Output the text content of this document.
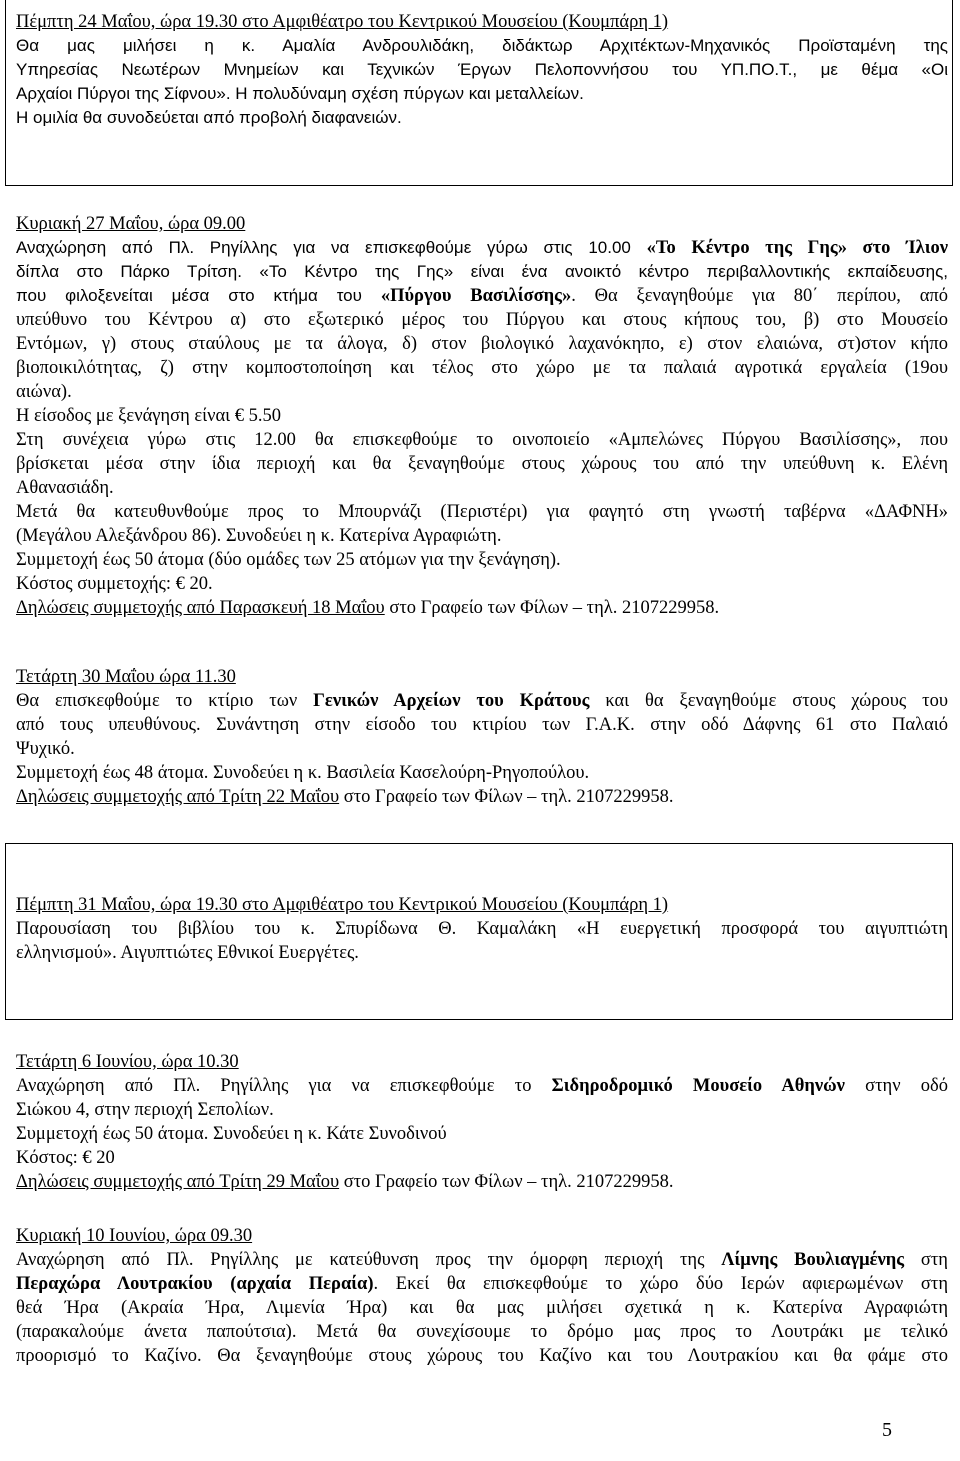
Πέμπτη 24 Μαΐου, ώρα 19.30 στο Αμφιθέατρο του Κεντρικού Μουσείου (Κουμπάρη 1)

Θα μας μιλήσει η κ. Αμαλία Ανδρουλιδάκη, διδάκτωρ Αρχιτέκτων-Μηχανικός Προϊσταμένη της

Υπηρεσίας Νεωτέρων Μνημείων και Τεχνικών Έργων Πελοποννήσου του ΥΠ.ΠΟ.Τ., με θέμα «Οι

Αρχαίοι Πύργοι της Σίφνου». Η πολυδύναμη σχέση πύργων και μεταλλείων.

Η ομιλία θα συνοδεύεται από προβολή διαφανειών.

Κυριακή 27 Μαΐου, ώρα 09.00

Αναχώρηση από Πλ. Ρηγίλλης για να επισκεφθούμε γύρω στις 10.00 «Το Κέντρο της Γης» στο Ίλιον

δίπλα στο Πάρκο Τρίτση. «Το Κέντρο της Γης» είναι ένα ανοικτό κέντρο περιβαλλοντικής εκπαίδευσης,

που φιλοξενείται μέσα στο κτήμα του «Πύργου Βασιλίσσης». Θα ξεναγηθούμε για 80΄ περίπου, από

υπεύθυνο του Κέντρου α) στο εξωτερικό μέρος του Πύργου και στους κήπους του, β) στο Μουσείο

Εντόμων, γ) στους σταύλους με τα άλογα, δ) στον βιολογικό λαχανόκηπο, ε) στον ελαιώνα, στ)στον κήπο

βιοποικιλότητας, ζ) στην κομποστοποίηση και τέλος στο χώρο με τα παλαιά αγροτικά εργαλεία (19ου

αιώνα).

Η είσοδος με ξενάγηση είναι € 5.50

Στη συνέχεια γύρω στις 12.00 θα επισκεφθούμε το οινοποιείο «Αμπελώνες Πύργου Βασιλίσσης», που

βρίσκεται μέσα στην ίδια περιοχή και θα ξεναγηθούμε στους χώρους του από την υπεύθυνη κ. Ελένη

Αθανασιάδη.

Μετά θα κατευθυνθούμε προς το Μπουρνάζι (Περιστέρι) για φαγητό στη γνωστή ταβέρνα «ΔΑΦΝΗ»

(Μεγάλου Αλεξάνδρου 86). Συνοδεύει η κ. Κατερίνα Αγραφιώτη.

Συμμετοχή έως 50 άτομα (δύο ομάδες των 25 ατόμων για την ξενάγηση).

Κόστος συμμετοχής: € 20.

Δηλώσεις συμμετοχής από Παρασκευή 18 Μαΐου στο Γραφείο των Φίλων – τηλ. 2107229958.

Τετάρτη 30 Μαΐου ώρα 11.30

Θα επισκεφθούμε το κτίριο των Γενικών Αρχείων του Κράτους και θα ξεναγηθούμε στους χώρους του

από τους υπευθύνους. Συνάντηση στην είσοδο του κτιρίου των Γ.Α.Κ. στην οδό Δάφνης 61 στο Παλαιό

Ψυχικό.

Συμμετοχή έως 48 άτομα. Συνοδεύει η κ. Βασιλεία Κασελούρη-Ρηγοπούλου.

Δηλώσεις συμμετοχής από Τρίτη 22 Μαΐου στο Γραφείο των Φίλων – τηλ. 2107229958.

Πέμπτη 31 Μαΐου, ώρα 19.30 στο Αμφιθέατρο του Κεντρικού Μουσείου (Κουμπάρη 1)

Παρουσίαση του βιβλίου του κ. Σπυρίδωνα Θ. Καμαλάκη «Η ευεργετική προσφορά του αιγυπτιώτη

ελληνισμού». Αιγυπτιώτες Εθνικοί Ευεργέτες.

Τετάρτη 6 Ιουνίου, ώρα 10.30

Αναχώρηση από Πλ. Ρηγίλλης για να επισκεφθούμε το Σιδηροδρομικό Μουσείο Αθηνών στην οδό

Σιώκου 4, στην περιοχή Σεπολίων.

Συμμετοχή έως 50 άτομα. Συνοδεύει η κ. Κάτε Συνοδινού

Κόστος: € 20

Δηλώσεις συμμετοχής από Τρίτη 29 Μαΐου στο Γραφείο των Φίλων – τηλ. 2107229958.

Κυριακή 10 Ιουνίου, ώρα 09.30

Αναχώρηση από Πλ. Ρηγίλλης με κατεύθυνση προς την όμορφη περιοχή της Λίμνης Βουλιαγμένης στη

Περαχώρα Λουτρακίου (αρχαία Περαία). Εκεί θα επισκεφθούμε το χώρο δύο Ιερών αφιερωμένων στη

θεά Ήρα (Ακραία Ήρα, Λιμενία Ήρα) και θα μας μιλήσει σχετικά η κ. Κατερίνα Αγραφιώτη

(παρακαλούμε άνετα παπούτσια). Μετά θα συνεχίσουμε το δρόμο μας προς το Λουτράκι με τελικό

προορισμό το Καζίνο. Θα ξεναγηθούμε στους χώρους του Καζίνο και του Λουτρακίου και θα φάμε στο

5
